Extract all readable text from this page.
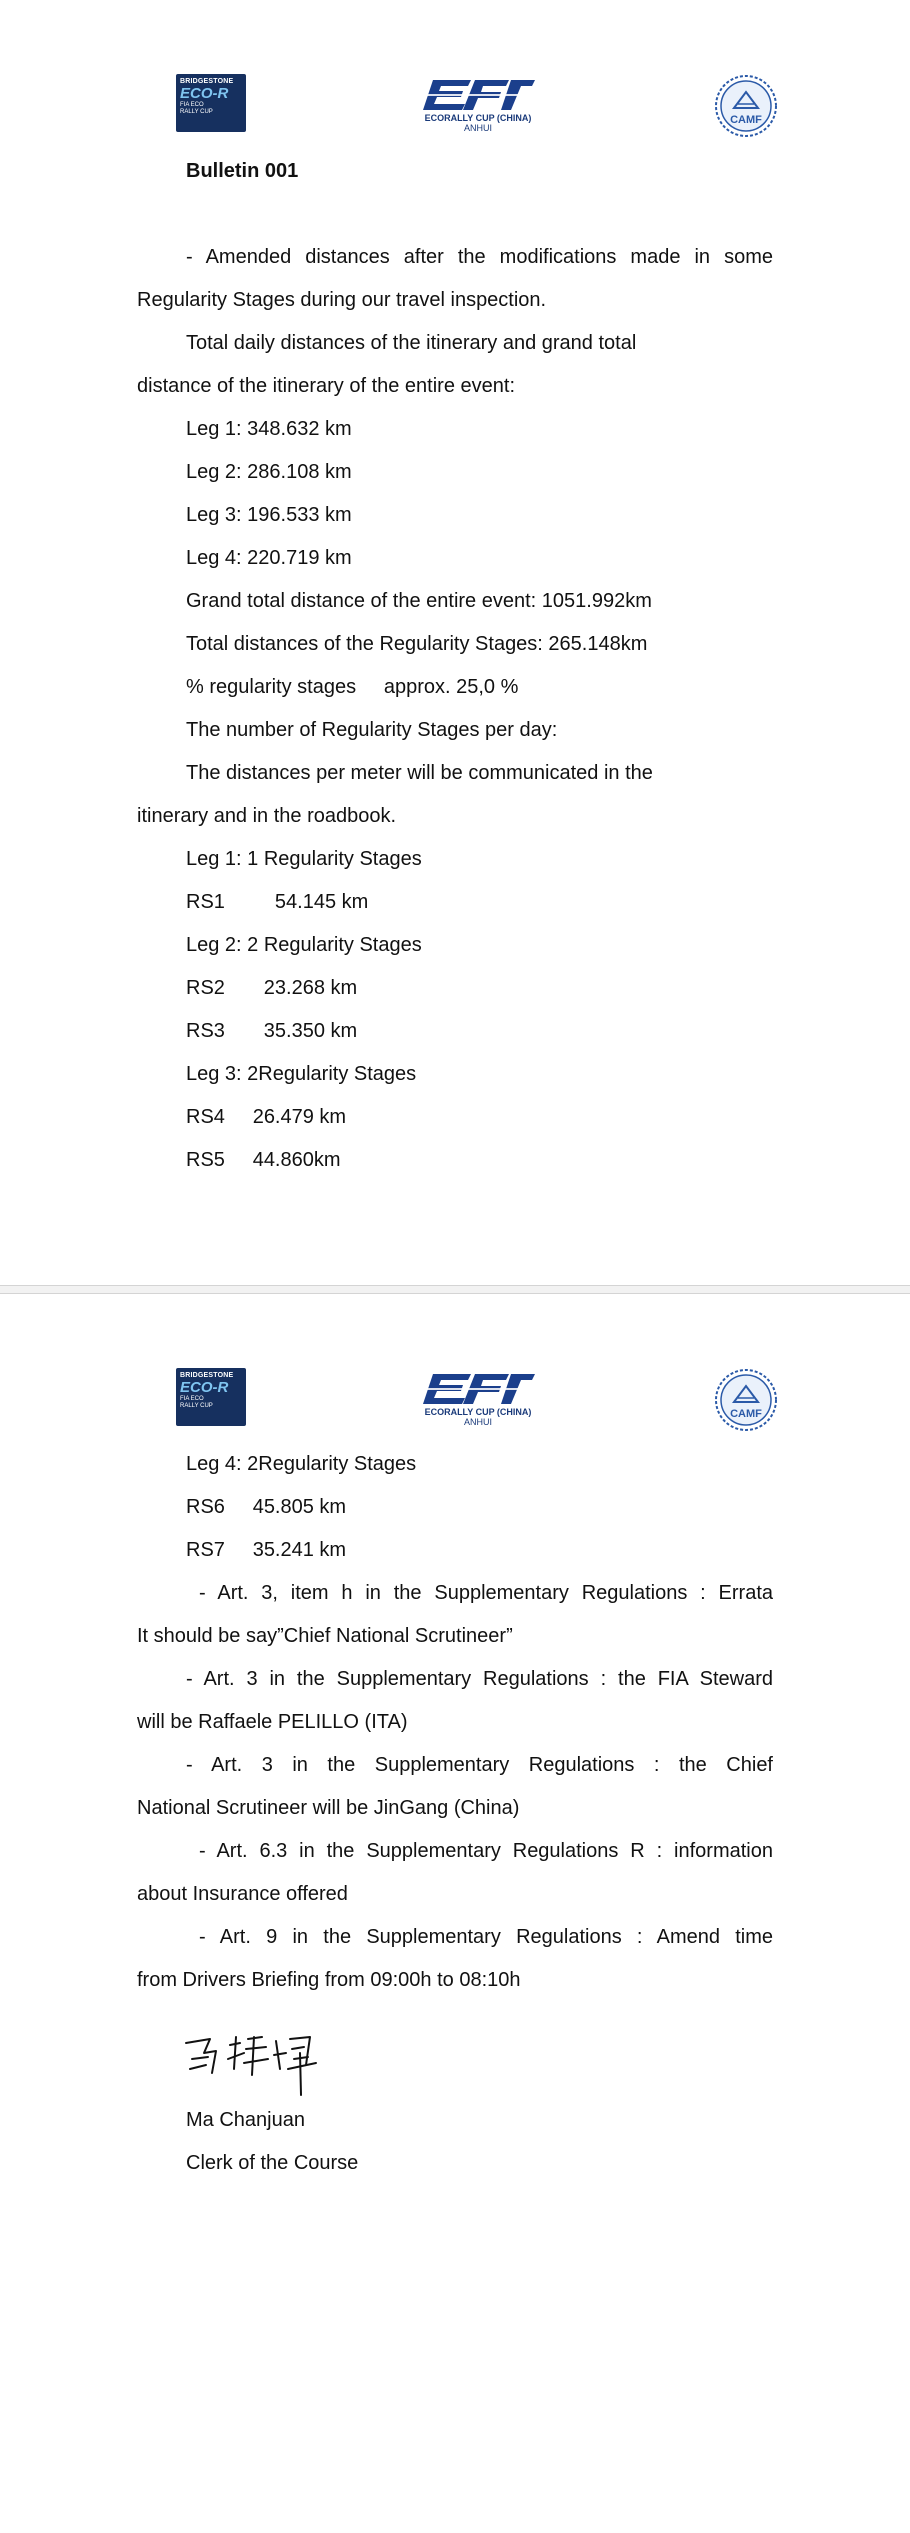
BRIDGESTONE
ECO-R
FIA ECO
RALLY CUP
ECORALLY CUP (CHINA)
ANHUI
CAMF
Bulletin 001
- Amended distances after the modifications made in some
Regularity Stages during our travel inspection.
Total daily distances of the itinerary and grand total
distance of the itinerary of the entire event:
Leg 1: 348.632 km
Leg 2: 286.108 km
Leg 3: 196.533 km
Leg 4: 220.719 km
Grand total distance of the entire event: 1051.992km
Total distances of the Regularity Stages: 265.148km
% regularity stages     approx. 25,0 %
The number of Regularity Stages per day:
The distances per meter will be communicated in the
itinerary and in the roadbook.
Leg 1: 1 Regularity Stages
RS1         54.145 km
Leg 2: 2 Regularity Stages
RS2       23.268 km
RS3       35.350 km
Leg 3: 2Regularity Stages
RS4     26.479 km
RS5     44.860km
BRIDGESTONE
ECO-R
FIA ECO
RALLY CUP
ECORALLY CUP (CHINA)
ANHUI
CAMF
Leg 4: 2Regularity Stages
RS6     45.805 km
RS7     35.241 km
- Art. 3, item h in the Supplementary Regulations : Errata
It should be say”Chief National Scrutineer”
- Art. 3 in the Supplementary Regulations : the FIA Steward
will be Raffaele PELILLO (ITA)
- Art. 3 in the Supplementary Regulations : the Chief
National Scrutineer will be JinGang (China)
- Art. 6.3 in the Supplementary Regulations R : information
about Insurance offered
- Art. 9 in the Supplementary Regulations : Amend time
from Drivers Briefing from 09:00h to 08:10h
Ma Chanjuan
Clerk of the Course
